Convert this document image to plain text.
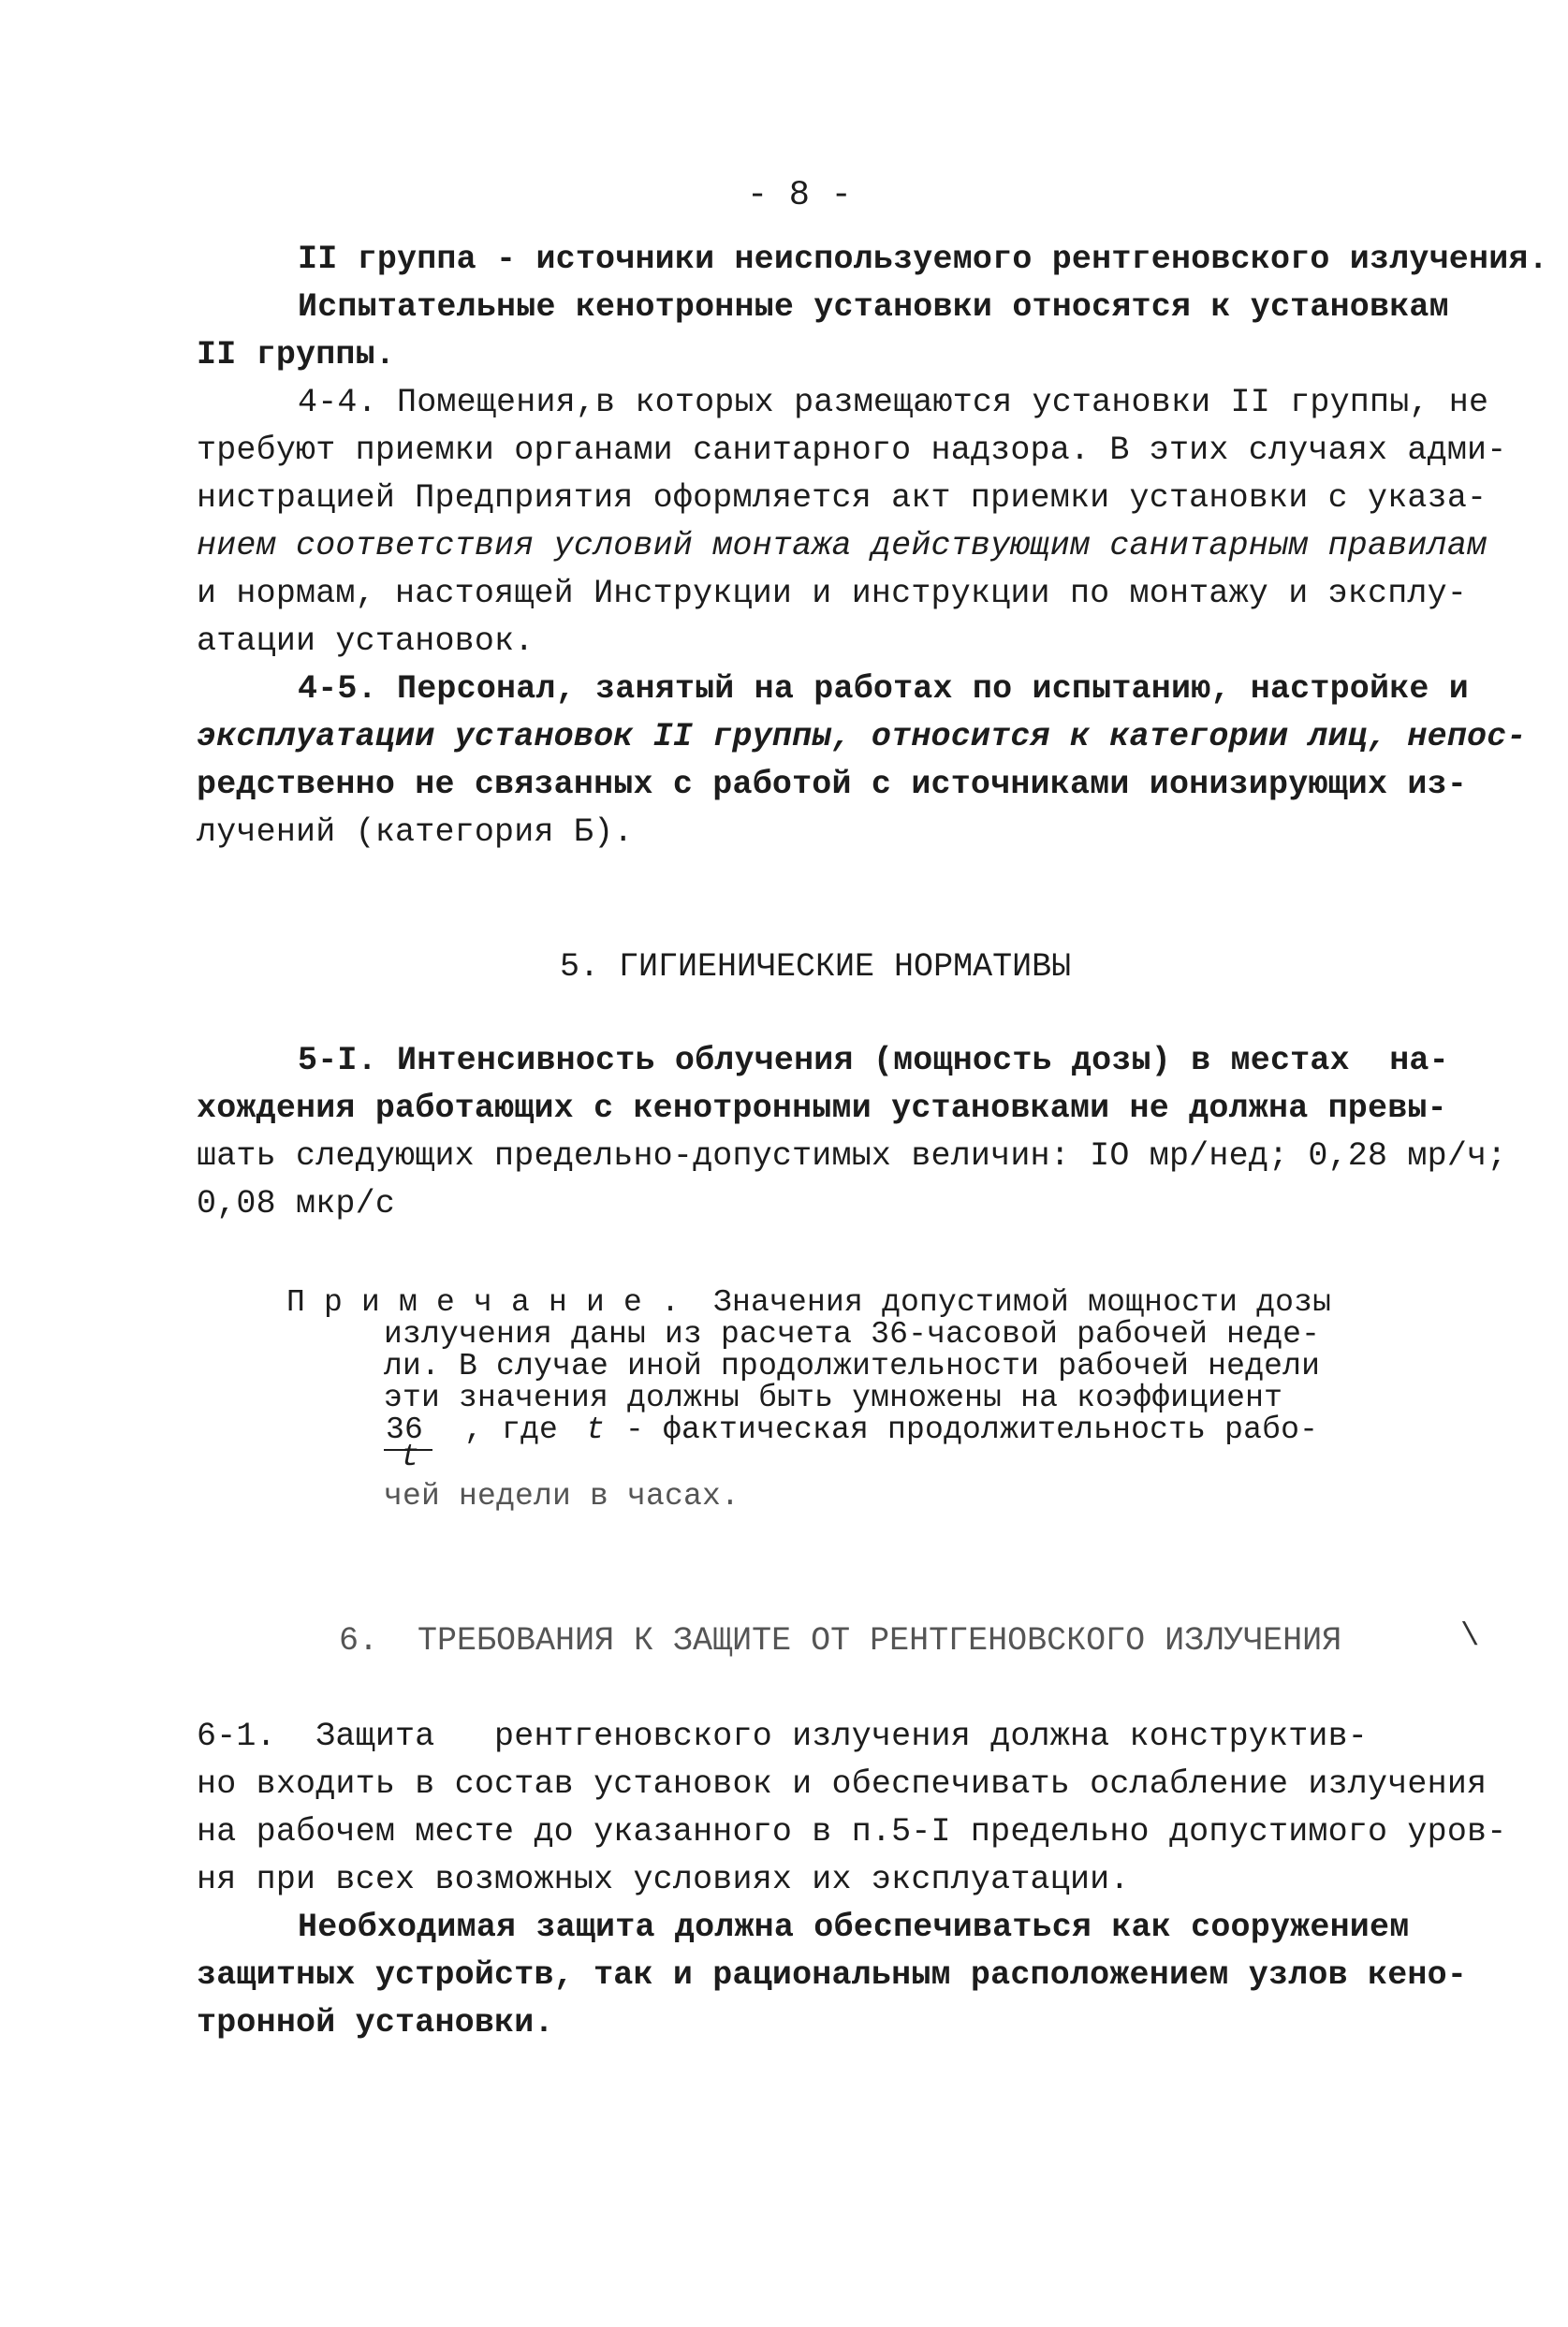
- 8 -
II группа - источники неиспользуемого рентгеновского излучения.
Испытательные кенотронные установки относятся к установкам
II группы.
4-4. Помещения,в которых размещаются установки II группы, не
требуют приемки органами санитарного надзора. В этих случаях адми-
нистрацией Предприятия оформляется акт приемки установки с указа-
нием соответствия условий монтажа действующим санитарным правилам
и нормам, настоящей Инструкции и инструкции по монтажу и эксплу-
атации установок.
4-5. Персонал, занятый на работах по испытанию, настройке и
эксплуатации установок II группы, относится к категории лиц, непос-
редственно не связанных с работой с источниками ионизирующих из-
лучений (категория Б).
5. ГИГИЕНИЧЕСКИЕ НОРМАТИВЫ
5-I. Интенсивность облучения (мощность дозы) в местах  на-
хождения работающих с кенотронными установками не должна превы-
шать следующих предельно-допустимых величин: IO мр/нед; 0,28 мр/ч;
0,08 мкр/с
П р и м е ч а н и е . Значения допустимой мощности дозы
излучения даны из расчета 36-часовой рабочей неде-
ли. В случае иной продолжительности рабочей недели
эти значения должны быть умножены на коэффициент
36
t
, где t - фактическая продолжительность рабо-
чей недели в часах.
6.  ТРЕБОВАНИЯ К ЗАЩИТЕ ОТ РЕНТГЕНОВСКОГО ИЗЛУЧЕНИЯ	\
6-1.  Защита   рентгеновского излучения должна конструктив-
но входить в состав установок и обеспечивать ослабление излучения
на рабочем месте до указанного в п.5-I предельно допустимого уров-
ня при всех возможных условиях их эксплуатации.
Необходимая защита должна обеспечиваться как сооружением
защитных устройств, так и рациональным расположением узлов кено-
тронной установки.
